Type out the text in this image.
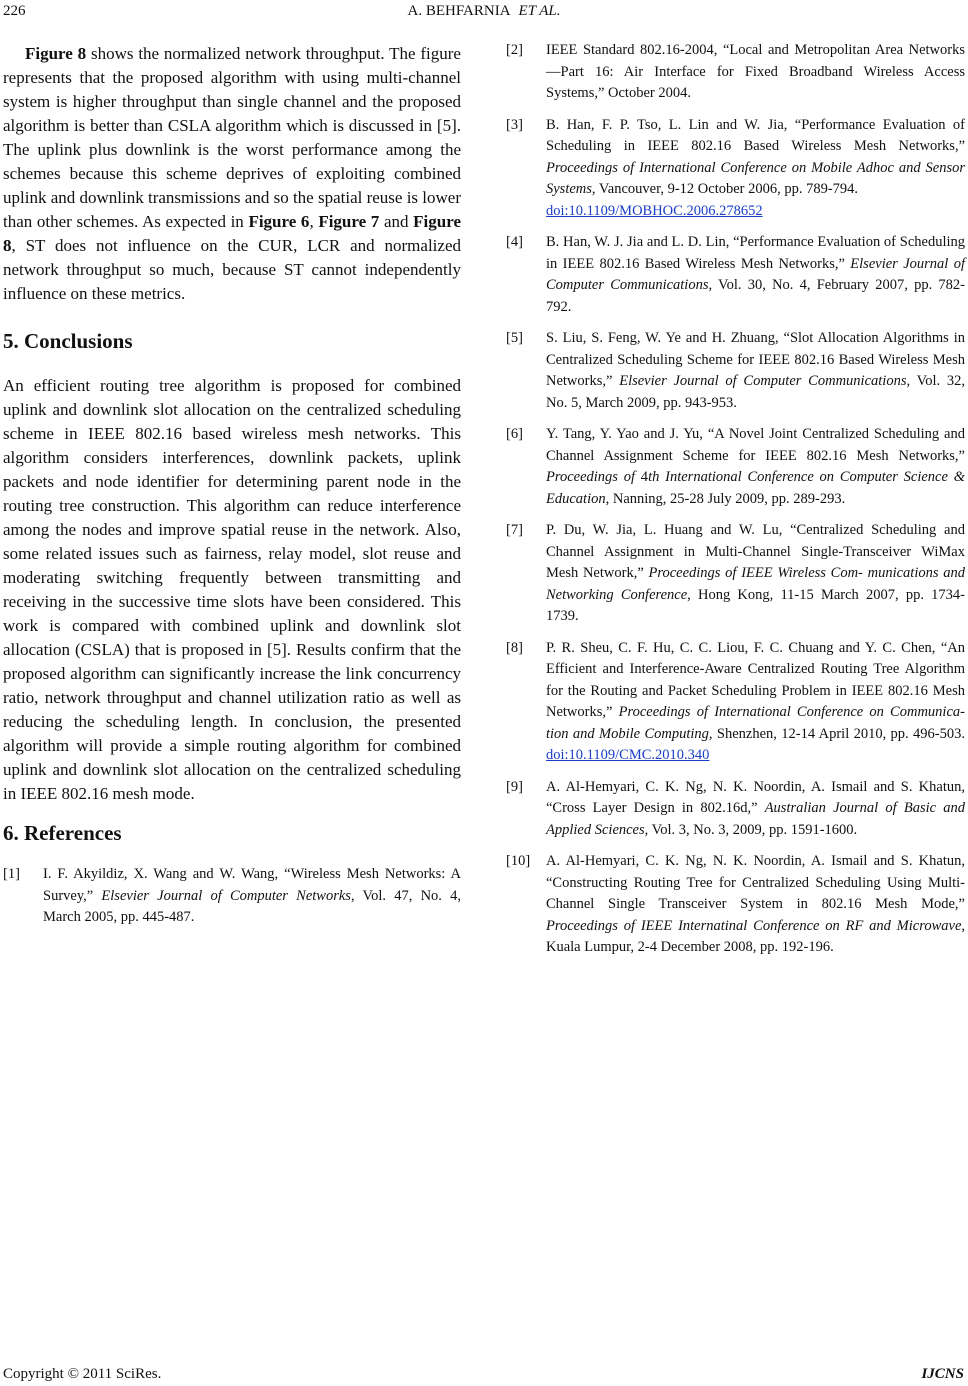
226	A. BEHFARNIA ET AL.

Figure 8 shows the normalized network throughput. The figure represents that the proposed algorithm with using multi-channel system is higher throughput than single channel and the proposed algorithm is better than CSLA algorithm which is discussed in [5]. The uplink plus downlink is the worst performance among the schemes because this scheme deprives of exploiting combined uplink and downlink transmissions and so the spatial reuse is lower than other schemes. As expected in Figure 6, Figure 7 and Figure 8, ST does not influence on the CUR, LCR and normalized network throughput so much, because ST cannot independently influence on these metrics.

5. Conclusions

An efficient routing tree algorithm is proposed for combined uplink and downlink slot allocation on the centralized scheduling scheme in IEEE 802.16 based wireless mesh networks. This algorithm considers interferences, downlink packets, uplink packets and node identifier for determining parent node in the routing tree construction. This algorithm can reduce interference among the nodes and improve spatial reuse in the network. Also, some related issues such as fairness, relay model, slot reuse and moderating switching frequently between transmitting and receiving in the successive time slots have been considered. This work is compared with combined uplink and downlink slot allocation (CSLA) that is proposed in [5]. Results confirm that the proposed algorithm can significantly increase the link concurrency ratio, network throughput and channel utilization ratio as well as reducing the scheduling length. In conclusion, the presented algorithm will provide a simple routing algorithm for combined uplink and downlink slot allocation on the centralized scheduling in IEEE 802.16 mesh mode.

6. References
[1] I. F. Akyildiz, X. Wang and W. Wang, “Wireless Mesh Networks: A Survey,” Elsevier Journal of Computer Networks, Vol. 47, No. 4, March 2005, pp. 445-487.
[2] IEEE Standard 802.16-2004, “Local and Metropolitan Area Networks—Part 16: Air Interface for Fixed Broadband Wireless Access Systems,” October 2004.
[3] B. Han, F. P. Tso, L. Lin and W. Jia, “Performance Evaluation of Scheduling in IEEE 802.16 Based Wireless Mesh Networks,” Proceedings of International Conference on Mobile Adhoc and Sensor Systems, Vancouver, 9-12 October 2006, pp. 789-794.
doi:10.1109/MOBHOC.2006.278652
[4] B. Han, W. J. Jia and L. D. Lin, “Performance Evaluation of Scheduling in IEEE 802.16 Based Wireless Mesh Networks,” Elsevier Journal of Computer Communications, Vol. 30, No. 4, February 2007, pp. 782-792.
[5] S. Liu, S. Feng, W. Ye and H. Zhuang, “Slot Allocation Algorithms in Centralized Scheduling Scheme for IEEE 802.16 Based Wireless Mesh Networks,” Elsevier Journal of Computer Communications, Vol. 32, No. 5, March 2009, pp. 943-953.
[6] Y. Tang, Y. Yao and J. Yu, “A Novel Joint Centralized Scheduling and Channel Assignment Scheme for IEEE 802.16 Mesh Networks,” Proceedings of 4th International Conference on Computer Science & Education, Nanning, 25-28 July 2009, pp. 289-293.
[7] P. Du, W. Jia, L. Huang and W. Lu, “Centralized Scheduling and Channel Assignment in Multi-Channel Single-Transceiver WiMax Mesh Network,” Proceedings of IEEE Wireless Com- munications and Networking Conference, Hong Kong, 11-15 March 2007, pp. 1734-1739.
[8] P. R. Sheu, C. F. Hu, C. C. Liou, F. C. Chuang and Y. C. Chen, “An Efficient and Interference-Aware Centralized Routing Tree Algorithm for the Routing and Packet Scheduling Problem in IEEE 802.16 Mesh Networks,” Proceedings of International Conference on Communication and Mobile Computing, Shenzhen, 12-14 April 2010, pp. 496-503. doi:10.1109/CMC.2010.340
[9] A. Al-Hemyari, C. K. Ng, N. K. Noordin, A. Ismail and S. Khatun, “Cross Layer Design in 802.16d,” Australian Journal of Basic and Applied Sciences, Vol. 3, No. 3, 2009, pp. 1591-1600.
[10] A. Al-Hemyari, C. K. Ng, N. K. Noordin, A. Ismail and S. Khatun, “Constructing Routing Tree for Centralized Scheduling Using Multi-Channel Single Transceiver System in 802.16 Mesh Mode,” Proceedings of IEEE Internatinal Conference on RF and Microwave, Kuala Lumpur, 2-4 December 2008, pp. 192-196.
Copyright © 2011 SciRes.	IJCNS
